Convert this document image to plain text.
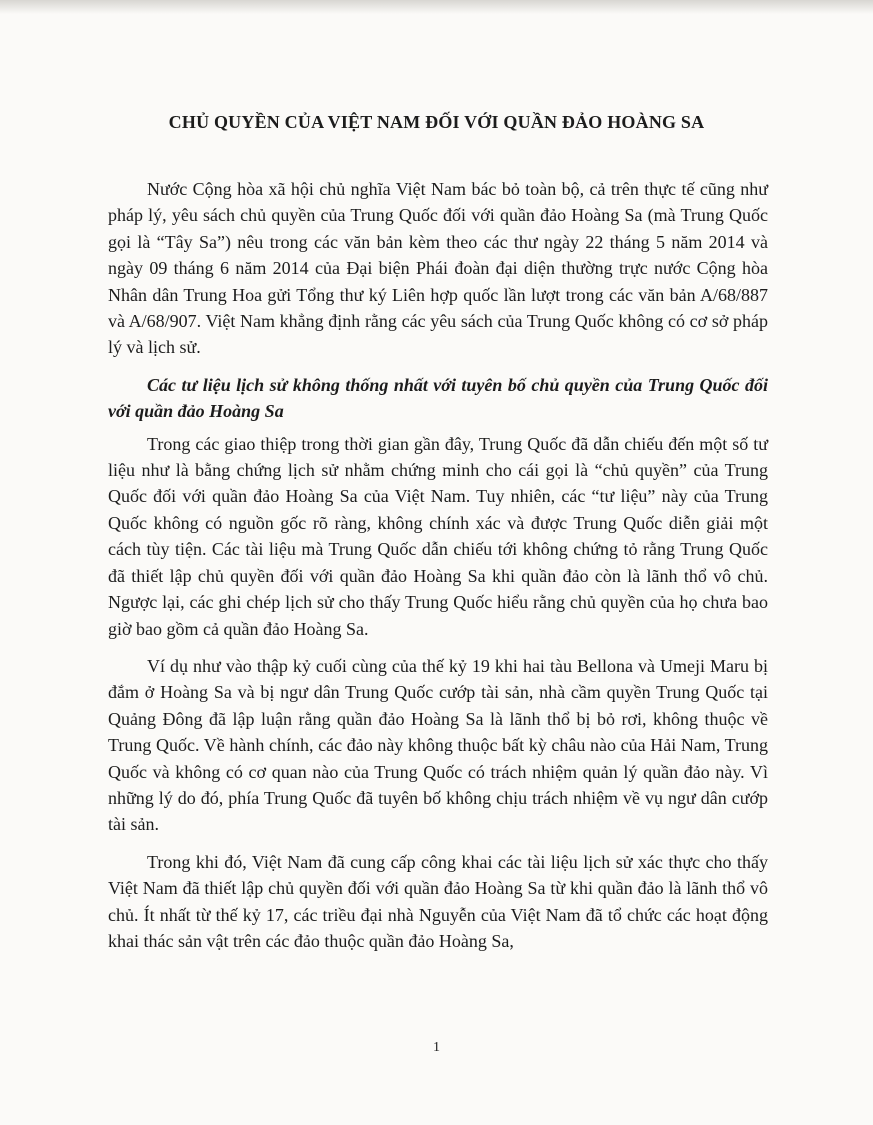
CHỦ QUYỀN CỦA VIỆT NAM ĐỐI VỚI QUẦN ĐẢO HOÀNG SA

Nước Cộng hòa xã hội chủ nghĩa Việt Nam bác bỏ toàn bộ, cả trên thực tế cũng như pháp lý, yêu sách chủ quyền của Trung Quốc đối với quần đảo Hoàng Sa (mà Trung Quốc gọi là “Tây Sa”) nêu trong các văn bản kèm theo các thư ngày 22 tháng 5 năm 2014 và ngày 09 tháng 6 năm 2014 của Đại biện Phái đoàn đại diện thường trực nước Cộng hòa Nhân dân Trung Hoa gửi Tổng thư ký Liên hợp quốc lần lượt trong các văn bản A/68/887 và A/68/907. Việt Nam khẳng định rằng các yêu sách của Trung Quốc không có cơ sở pháp lý và lịch sử.

Các tư liệu lịch sử không thống nhất với tuyên bố chủ quyền của Trung Quốc đối với quần đảo Hoàng Sa

Trong các giao thiệp trong thời gian gần đây, Trung Quốc đã dẫn chiếu đến một số tư liệu như là bằng chứng lịch sử nhằm chứng minh cho cái gọi là “chủ quyền” của Trung Quốc đối với quần đảo Hoàng Sa của Việt Nam. Tuy nhiên, các “tư liệu” này của Trung Quốc không có nguồn gốc rõ ràng, không chính xác và được Trung Quốc diễn giải một cách tùy tiện. Các tài liệu mà Trung Quốc dẫn chiếu tới không chứng tỏ rằng Trung Quốc đã thiết lập chủ quyền đối với quần đảo Hoàng Sa khi quần đảo còn là lãnh thổ vô chủ. Ngược lại, các ghi chép lịch sử cho thấy Trung Quốc hiểu rằng chủ quyền của họ chưa bao giờ bao gồm cả quần đảo Hoàng Sa.

Ví dụ như vào thập kỷ cuối cùng của thế kỷ 19 khi hai tàu Bellona và Umeji Maru bị đắm ở Hoàng Sa và bị ngư dân Trung Quốc cướp tài sản, nhà cầm quyền Trung Quốc tại Quảng Đông đã lập luận rằng quần đảo Hoàng Sa là lãnh thổ bị bỏ rơi, không thuộc về Trung Quốc. Về hành chính, các đảo này không thuộc bất kỳ châu nào của Hải Nam, Trung Quốc và không có cơ quan nào của Trung Quốc có trách nhiệm quản lý quần đảo này. Vì những lý do đó, phía Trung Quốc đã tuyên bố không chịu trách nhiệm về vụ ngư dân cướp tài sản.

Trong khi đó, Việt Nam đã cung cấp công khai các tài liệu lịch sử xác thực cho thấy Việt Nam đã thiết lập chủ quyền đối với quần đảo Hoàng Sa từ khi quần đảo là lãnh thổ vô chủ. Ít nhất từ thế kỷ 17, các triều đại nhà Nguyễn của Việt Nam đã tổ chức các hoạt động khai thác sản vật trên các đảo thuộc quần đảo Hoàng Sa,

1
